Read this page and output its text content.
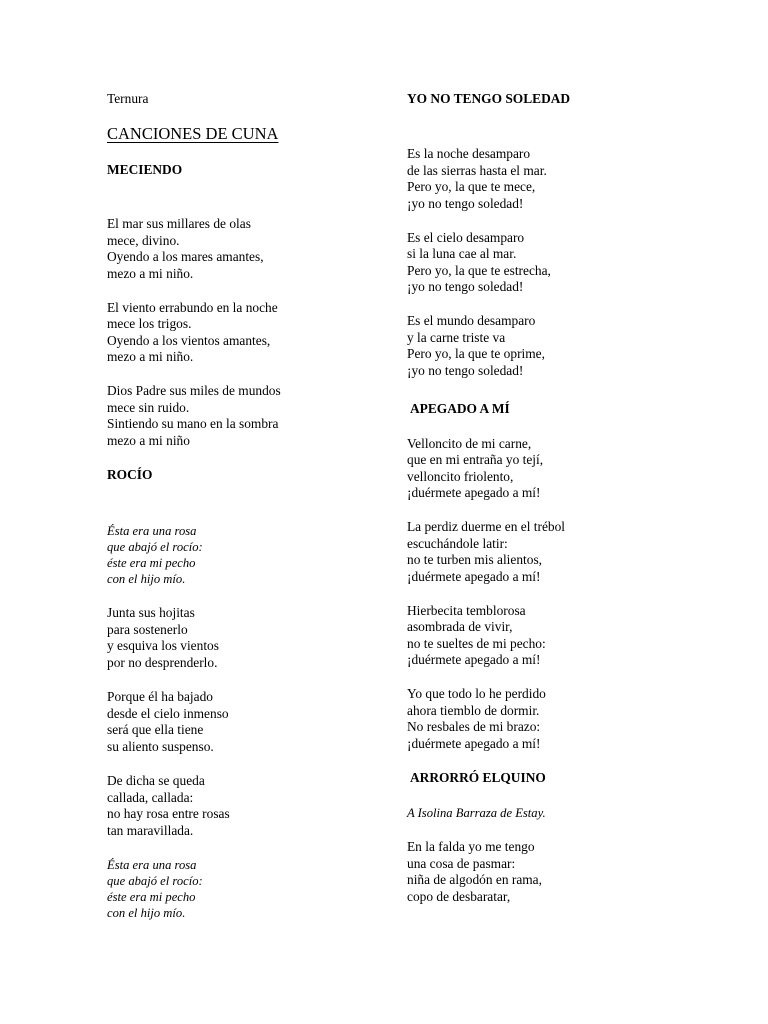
Ternura
CANCIONES DE CUNA
MECIENDO
El mar sus millares de olas
mece, divino.
Oyendo a los mares amantes,
mezo a mi niño.
El viento errabundo en la noche
mece los trigos.
Oyendo a los vientos amantes,
mezo a mi niño.
Dios Padre sus miles de mundos
mece sin ruido.
Sintiendo su mano en la sombra
mezo a mi niño
ROCÍO
Ésta era una rosa
que abajó el rocío:
éste era mi pecho
con el hijo mío.
Junta sus hojitas
para sostenerlo
y esquiva los vientos
por no desprenderlo.
Porque él ha bajado
desde el cielo inmenso
será que ella tiene
su aliento suspenso.
De dicha se queda
callada, callada:
no hay rosa entre rosas
tan maravillada.
Ésta era una rosa
que abajó el rocío:
éste era mi pecho
con el hijo mío.
YO NO TENGO SOLEDAD
Es la noche desamparo
de las sierras hasta el mar.
Pero yo, la que te mece,
¡yo no tengo soledad!
Es el cielo desamparo
si la luna cae al mar.
Pero yo, la que te estrecha,
¡yo no tengo soledad!
Es el mundo desamparo
y la carne triste va
Pero yo, la que te oprime,
¡yo no tengo soledad!
APEGADO A MÍ
Velloncito de mi carne,
que en mi entraña yo tejí,
velloncito friolento,
¡duérmete apegado a mí!
La perdiz duerme en el trébol
escuchándole latir:
no te turben mis alientos,
¡duérmete apegado a mí!
Hierbecita temblorosa
asombrada de vivir,
no te sueltes de mi pecho:
¡duérmete apegado a mí!
Yo que todo lo he perdido
ahora tiemblo de dormir.
No resbales de mi brazo:
¡duérmete apegado a mí!
ARRORRÓ ELQUINO
A Isolina Barraza de Estay.
En la falda yo me tengo
una cosa de pasmar:
niña de algodón en rama,
copo de desbaratar,
